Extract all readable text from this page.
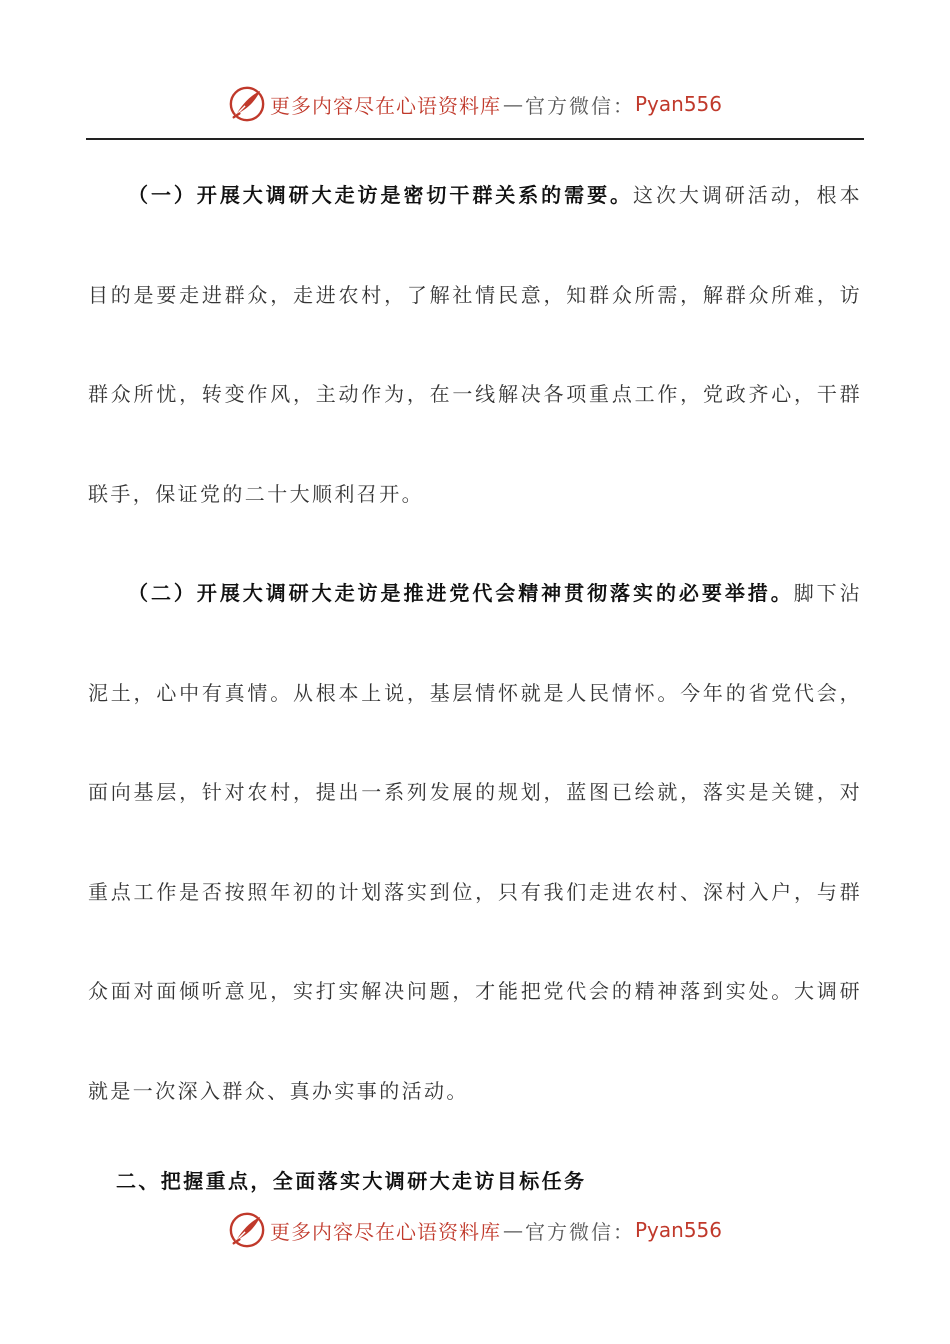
更多内容尽在心语资料库 — 官方微信： Pyan556

（一）开展大调研大走访是密切干群关系的需要。这次大调研活动，根本目的是要走进群众，走进农村，了解社情民意，知群众所需，解群众所难，访群众所忧，转变作风，主动作为，在一线解决各项重点工作，党政齐心，干群联手，保证党的二十大顺利召开。

（二）开展大调研大走访是推进党代会精神贯彻落实的必要举措。脚下沾泥土，心中有真情。从根本上说，基层情怀就是人民情怀。今年的省党代会，面向基层，针对农村，提出一系列发展的规划，蓝图已绘就，落实是关键，对重点工作是否按照年初的计划落实到位，只有我们走进农村、深村入户，与群众面对面倾听意见，实打实解决问题，才能把党代会的精神落到实处。大调研就是一次深入群众、真办实事的活动。

二、把握重点，全面落实大调研大走访目标任务

更多内容尽在心语资料库 — 官方微信： Pyan556
